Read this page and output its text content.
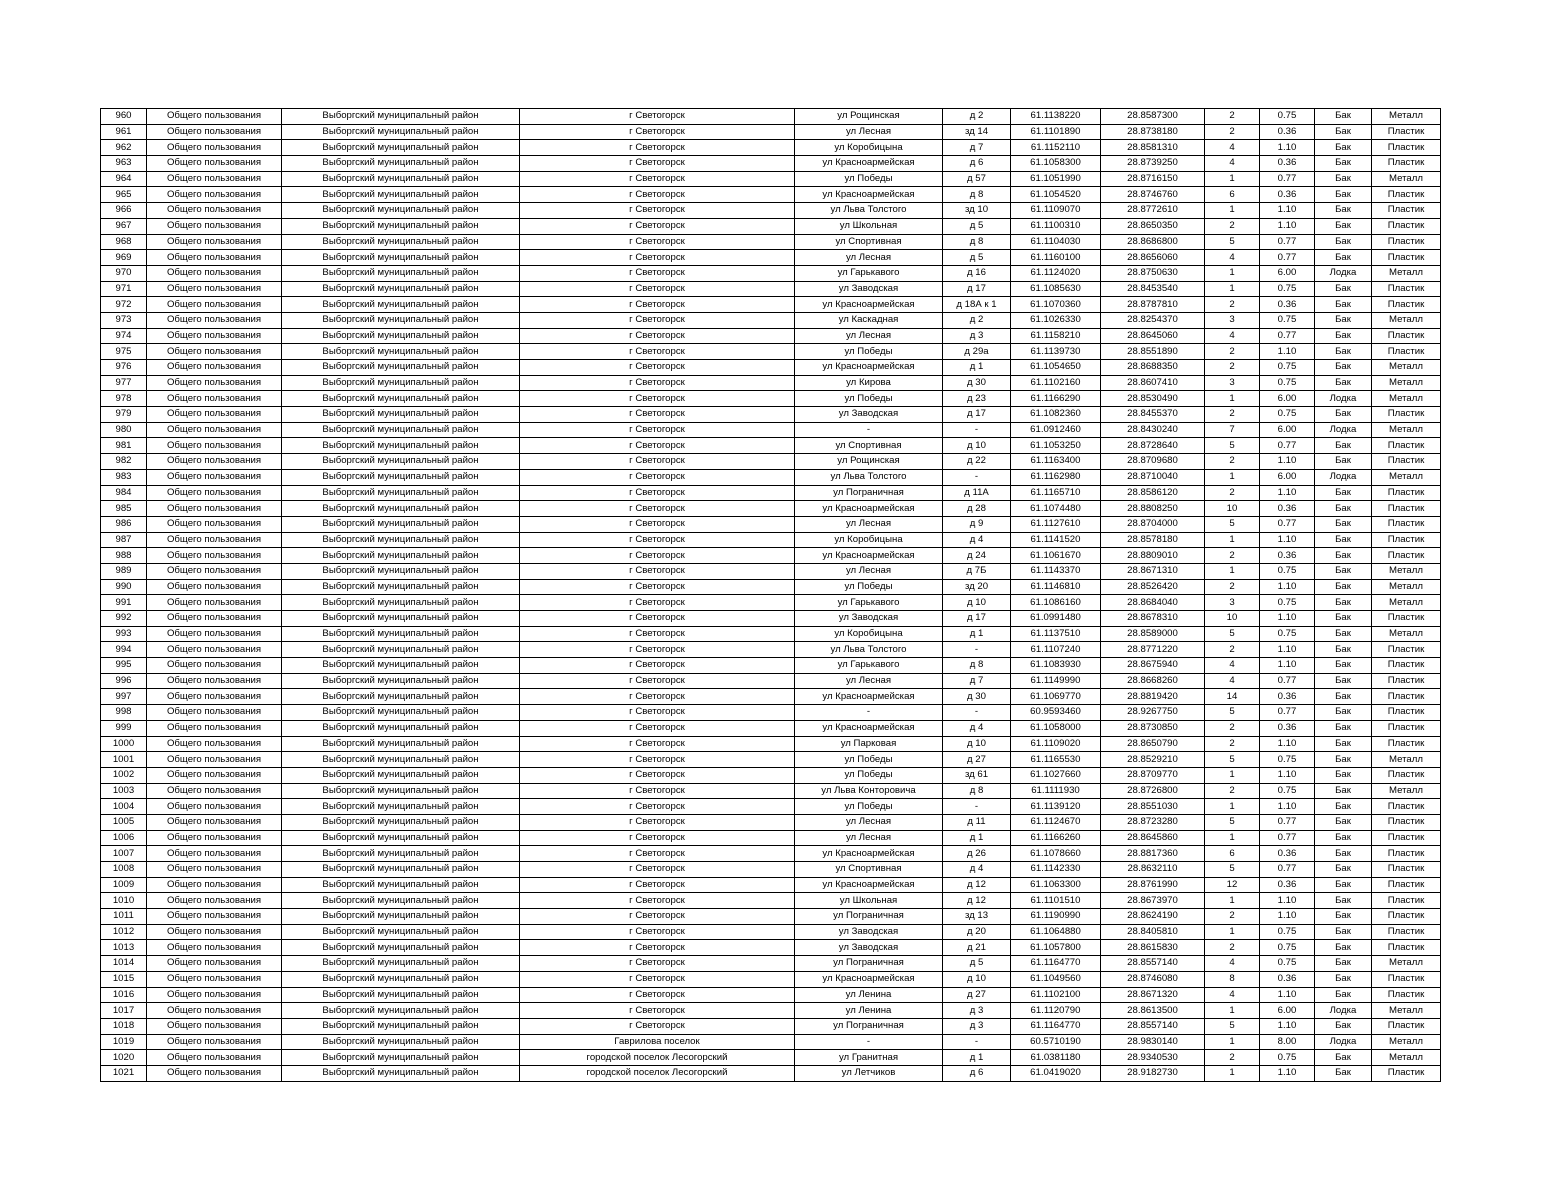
960	Общего пользования	Выборгский муниципальный район	г Светогорск	ул Рощинская	д 2	61.1138220	28.8587300	2	0.75	Бак	Металл
961	Общего пользования	Выборгский муниципальный район	г Светогорск	ул Лесная	зд 14	61.1101890	28.8738180	2	0.36	Бак	Пластик
962	Общего пользования	Выборгский муниципальный район	г Светогорск	ул Коробицына	д 7	61.1152110	28.8581310	4	1.10	Бак	Пластик
963	Общего пользования	Выборгский муниципальный район	г Светогорск	ул Красноармейская	д 6	61.1058300	28.8739250	4	0.36	Бак	Пластик
964	Общего пользования	Выборгский муниципальный район	г Светогорск	ул Победы	д 57	61.1051990	28.8716150	1	0.77	Бак	Металл
965	Общего пользования	Выборгский муниципальный район	г Светогорск	ул Красноармейская	д 8	61.1054520	28.8746760	6	0.36	Бак	Пластик
966	Общего пользования	Выборгский муниципальный район	г Светогорск	ул Льва Толстого	зд 10	61.1109070	28.8772610	1	1.10	Бак	Пластик
967	Общего пользования	Выборгский муниципальный район	г Светогорск	ул Школьная	д 5	61.1100310	28.8650350	2	1.10	Бак	Пластик
968	Общего пользования	Выборгский муниципальный район	г Светогорск	ул Спортивная	д 8	61.1104030	28.8686800	5	0.77	Бак	Пластик
969	Общего пользования	Выборгский муниципальный район	г Светогорск	ул Лесная	д 5	61.1160100	28.8656060	4	0.77	Бак	Пластик
970	Общего пользования	Выборгский муниципальный район	г Светогорск	ул Гарькавого	д 16	61.1124020	28.8750630	1	6.00	Лодка	Металл
971	Общего пользования	Выборгский муниципальный район	г Светогорск	ул Заводская	д 17	61.1085630	28.8453540	1	0.75	Бак	Пластик
972	Общего пользования	Выборгский муниципальный район	г Светогорск	ул Красноармейская	д 18А к 1	61.1070360	28.8787810	2	0.36	Бак	Пластик
973	Общего пользования	Выборгский муниципальный район	г Светогорск	ул Каскадная	д 2	61.1026330	28.8254370	3	0.75	Бак	Металл
974	Общего пользования	Выборгский муниципальный район	г Светогорск	ул Лесная	д 3	61.1158210	28.8645060	4	0.77	Бак	Пластик
975	Общего пользования	Выборгский муниципальный район	г Светогорск	ул Победы	д 29а	61.1139730	28.8551890	2	1.10	Бак	Пластик
976	Общего пользования	Выборгский муниципальный район	г Светогорск	ул Красноармейская	д 1	61.1054650	28.8688350	2	0.75	Бак	Металл
977	Общего пользования	Выборгский муниципальный район	г Светогорск	ул Кирова	д 30	61.1102160	28.8607410	3	0.75	Бак	Металл
978	Общего пользования	Выборгский муниципальный район	г Светогорск	ул Победы	д 23	61.1166290	28.8530490	1	6.00	Лодка	Металл
979	Общего пользования	Выборгский муниципальный район	г Светогорск	ул Заводская	д 17	61.1082360	28.8455370	2	0.75	Бак	Пластик
980	Общего пользования	Выборгский муниципальный район	г Светогорск	-	-	61.0912460	28.8430240	7	6.00	Лодка	Металл
981	Общего пользования	Выборгский муниципальный район	г Светогорск	ул Спортивная	д 10	61.1053250	28.8728640	5	0.77	Бак	Пластик
982	Общего пользования	Выборгский муниципальный район	г Светогорск	ул Рощинская	д 22	61.1163400	28.8709680	2	1.10	Бак	Пластик
983	Общего пользования	Выборгский муниципальный район	г Светогорск	ул Льва Толстого	-	61.1162980	28.8710040	1	6.00	Лодка	Металл
984	Общего пользования	Выборгский муниципальный район	г Светогорск	ул Пограничная	д 11А	61.1165710	28.8586120	2	1.10	Бак	Пластик
985	Общего пользования	Выборгский муниципальный район	г Светогорск	ул Красноармейская	д 28	61.1074480	28.8808250	10	0.36	Бак	Пластик
986	Общего пользования	Выборгский муниципальный район	г Светогорск	ул Лесная	д 9	61.1127610	28.8704000	5	0.77	Бак	Пластик
987	Общего пользования	Выборгский муниципальный район	г Светогорск	ул Коробицына	д 4	61.1141520	28.8578180	1	1.10	Бак	Пластик
988	Общего пользования	Выборгский муниципальный район	г Светогорск	ул Красноармейская	д 24	61.1061670	28.8809010	2	0.36	Бак	Пластик
989	Общего пользования	Выборгский муниципальный район	г Светогорск	ул Лесная	д 7Б	61.1143370	28.8671310	1	0.75	Бак	Металл
990	Общего пользования	Выборгский муниципальный район	г Светогорск	ул Победы	зд 20	61.1146810	28.8526420	2	1.10	Бак	Металл
991	Общего пользования	Выборгский муниципальный район	г Светогорск	ул Гарькавого	д 10	61.1086160	28.8684040	3	0.75	Бак	Металл
992	Общего пользования	Выборгский муниципальный район	г Светогорск	ул Заводская	д 17	61.0991480	28.8678310	10	1.10	Бак	Пластик
993	Общего пользования	Выборгский муниципальный район	г Светогорск	ул Коробицына	д 1	61.1137510	28.8589000	5	0.75	Бак	Металл
994	Общего пользования	Выборгский муниципальный район	г Светогорск	ул Льва Толстого	-	61.1107240	28.8771220	2	1.10	Бак	Пластик
995	Общего пользования	Выборгский муниципальный район	г Светогорск	ул Гарькавого	д 8	61.1083930	28.8675940	4	1.10	Бак	Пластик
996	Общего пользования	Выборгский муниципальный район	г Светогорск	ул Лесная	д 7	61.1149990	28.8668260	4	0.77	Бак	Пластик
997	Общего пользования	Выборгский муниципальный район	г Светогорск	ул Красноармейская	д 30	61.1069770	28.8819420	14	0.36	Бак	Пластик
998	Общего пользования	Выборгский муниципальный район	г Светогорск	-	-	60.9593460	28.9267750	5	0.77	Бак	Пластик
999	Общего пользования	Выборгский муниципальный район	г Светогорск	ул Красноармейская	д 4	61.1058000	28.8730850	2	0.36	Бак	Пластик
1000	Общего пользования	Выборгский муниципальный район	г Светогорск	ул Парковая	д 10	61.1109020	28.8650790	2	1.10	Бак	Пластик
1001	Общего пользования	Выборгский муниципальный район	г Светогорск	ул Победы	д 27	61.1165530	28.8529210	5	0.75	Бак	Металл
1002	Общего пользования	Выборгский муниципальный район	г Светогорск	ул Победы	зд 61	61.1027660	28.8709770	1	1.10	Бак	Пластик
1003	Общего пользования	Выборгский муниципальный район	г Светогорск	ул Льва Конторовича	д 8	61.1111930	28.8726800	2	0.75	Бак	Металл
1004	Общего пользования	Выборгский муниципальный район	г Светогорск	ул Победы	-	61.1139120	28.8551030	1	1.10	Бак	Пластик
1005	Общего пользования	Выборгский муниципальный район	г Светогорск	ул Лесная	д 11	61.1124670	28.8723280	5	0.77	Бак	Пластик
1006	Общего пользования	Выборгский муниципальный район	г Светогорск	ул Лесная	д 1	61.1166260	28.8645860	1	0.77	Бак	Пластик
1007	Общего пользования	Выборгский муниципальный район	г Светогорск	ул Красноармейская	д 26	61.1078660	28.8817360	6	0.36	Бак	Пластик
1008	Общего пользования	Выборгский муниципальный район	г Светогорск	ул Спортивная	д 4	61.1142330	28.8632110	5	0.77	Бак	Пластик
1009	Общего пользования	Выборгский муниципальный район	г Светогорск	ул Красноармейская	д 12	61.1063300	28.8761990	12	0.36	Бак	Пластик
1010	Общего пользования	Выборгский муниципальный район	г Светогорск	ул Школьная	д 12	61.1101510	28.8673970	1	1.10	Бак	Пластик
1011	Общего пользования	Выборгский муниципальный район	г Светогорск	ул Пограничная	зд 13	61.1190990	28.8624190	2	1.10	Бак	Пластик
1012	Общего пользования	Выборгский муниципальный район	г Светогорск	ул Заводская	д 20	61.1064880	28.8405810	1	0.75	Бак	Пластик
1013	Общего пользования	Выборгский муниципальный район	г Светогорск	ул Заводская	д 21	61.1057800	28.8615830	2	0.75	Бак	Пластик
1014	Общего пользования	Выборгский муниципальный район	г Светогорск	ул Пограничная	д 5	61.1164770	28.8557140	4	0.75	Бак	Металл
1015	Общего пользования	Выборгский муниципальный район	г Светогорск	ул Красноармейская	д 10	61.1049560	28.8746080	8	0.36	Бак	Пластик
1016	Общего пользования	Выборгский муниципальный район	г Светогорск	ул Ленина	д 27	61.1102100	28.8671320	4	1.10	Бак	Пластик
1017	Общего пользования	Выборгский муниципальный район	г Светогорск	ул Ленина	д 3	61.1120790	28.8613500	1	6.00	Лодка	Металл
1018	Общего пользования	Выборгский муниципальный район	г Светогорск	ул Пограничная	д 3	61.1164770	28.8557140	5	1.10	Бак	Пластик
1019	Общего пользования	Выборгский муниципальный район	Гаврилова поселок	-	-	60.5710190	28.9830140	1	8.00	Лодка	Металл
1020	Общего пользования	Выборгский муниципальный район	городской поселок Лесогорский	ул Гранитная	д 1	61.0381180	28.9340530	2	0.75	Бак	Металл
1021	Общего пользования	Выборгский муниципальный район	городской поселок Лесогорский	ул Летчиков	д 6	61.0419020	28.9182730	1	1.10	Бак	Пластик
